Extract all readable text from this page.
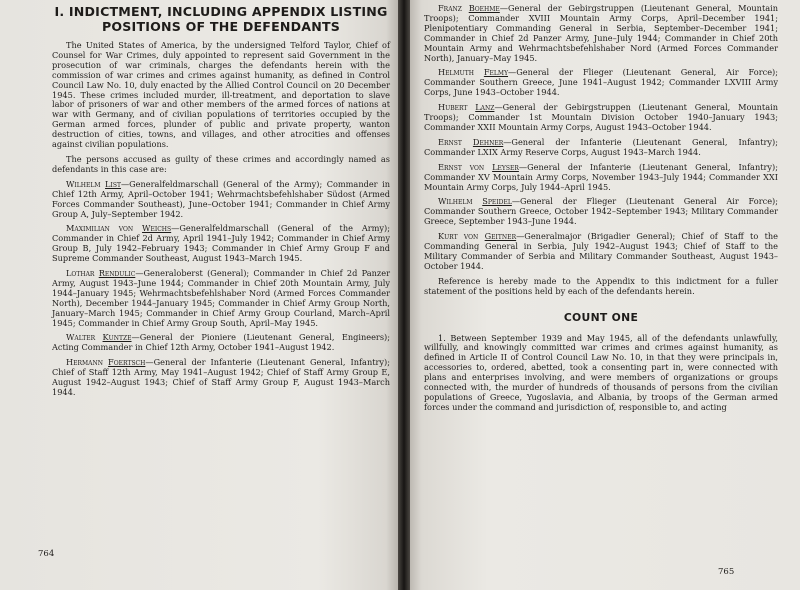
I. INDICTMENT, INCLUDING APPENDIX LISTING
POSITIONS OF THE DEFENDANTS

The United States of America, by the undersigned Telford Taylor, Chief of Counsel for War Crimes, duly appointed to represent said Government in the prosecution of war criminals, charges the defendants herein with the commission of war crimes and crimes against humanity, as defined in Control Council Law No. 10, duly enacted by the Allied Control Council on 20 December 1945. These crimes included murder, ill-treatment, and deportation to slave labor of prisoners of war and other members of the armed forces of nations at war with Germany, and of civilian populations of territories occupied by the German armed forces, plunder of public and private property, wanton destruction of cities, towns, and villages, and other atrocities and offenses against civilian populations.

The persons accused as guilty of these crimes and accordingly named as defendants in this case are:

Wilhelm List—Generalfeldmarschall (General of the Army); Commander in Chief 12th Army, April–October 1941; Wehrmachtsbefehlshaber Südost (Armed Forces Commander Southeast), June–October 1941; Commander in Chief Army Group A, July–September 1942.

Maximilian von Weichs—Generalfeldmarschall (General of the Army); Commander in Chief 2d Army, April 1941–July 1942; Commander in Chief Army Group B, July 1942–February 1943; Commander in Chief Army Group F and Supreme Commander Southeast, August 1943–March 1945.

Lothar Rendulic—Generaloberst (General); Commander in Chief 2d Panzer Army, August 1943–June 1944; Commander in Chief 20th Mountain Army, July 1944–January 1945; Wehrmachtsbefehlshaber Nord (Armed Forces Commander North), December 1944–January 1945; Commander in Chief Army Group North, January–March 1945; Commander in Chief Army Group Courland, March–April 1945; Commander in Chief Army Group South, April–May 1945.

Walter Kuntze—General der Pioniere (Lieutenant General, Engineers); Acting Commander in Chief 12th Army, October 1941–August 1942.

Hermann Foertsch—General der Infanterie (Lieutenant General, Infantry); Chief of Staff 12th Army, May 1941–August 1942; Chief of Staff Army Group E, August 1942–August 1943; Chief of Staff Army Group F, August 1943–March 1944.

764

Franz Boehme—General der Gebirgstruppen (Lieutenant General, Mountain Troops); Commander XVIII Mountain Army Corps, April–December 1941; Plenipotentiary Commanding General in Serbia, September–December 1941; Commander in Chief 2d Panzer Army, June–July 1944; Commander in Chief 20th Mountain Army and Wehrmachtsbefehlshaber Nord (Armed Forces Commander North), January–May 1945.

Helmuth Felmy—General der Flieger (Lieutenant General, Air Force); Commander Southern Greece, June 1941–August 1942; Commander LXVIII Army Corps, June 1943–October 1944.

Hubert Lanz—General der Gebirgstruppen (Lieutenant General, Mountain Troops); Commander 1st Mountain Division October 1940–January 1943; Commander XXII Mountain Army Corps, August 1943–October 1944.

Ernst Dehner—General der Infanterie (Lieutenant General, Infantry); Commander LXIX Army Reserve Corps, August 1943–March 1944.

Ernst von Leyser—General der Infanterie (Lieutenant General, Infantry); Commander XV Mountain Army Corps, November 1943–July 1944; Commander XXI Mountain Army Corps, July 1944–April 1945.

Wilhelm Speidel—General der Flieger (Lieutenant General Air Force); Commander Southern Greece, October 1942–September 1943; Military Commander Greece, September 1943–June 1944.

Kurt von Geitner—Generalmajor (Brigadier General); Chief of Staff to the Commanding General in Serbia, July 1942–August 1943; Chief of Staff to the Military Commander of Serbia and Military Commander Southeast, August 1943–October 1944.

Reference is hereby made to the Appendix to this indictment for a fuller statement of the positions held by each of the defendants herein.

COUNT ONE

1. Between September 1939 and May 1945, all of the defendants unlawfully, willfully, and knowingly committed war crimes and crimes against humanity, as defined in Article II of Control Council Law No. 10, in that they were principals in, accessories to, ordered, abetted, took a consenting part in, were connected with plans and enterprises involving, and were members of organizations or groups connected with, the murder of hundreds of thousands of persons from the civilian populations of Greece, Yugoslavia, and Albania, by troops of the German armed forces under the command and jurisdiction of, responsible to, and acting

765
